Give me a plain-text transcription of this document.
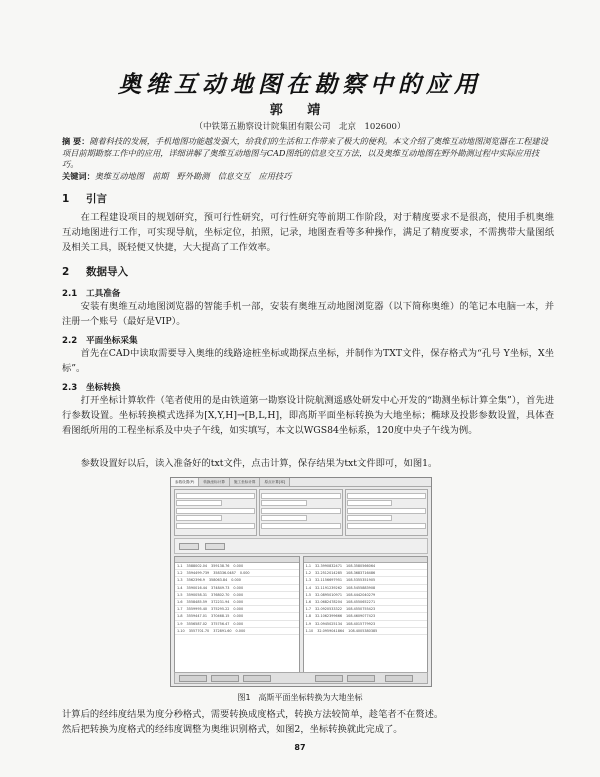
奥维互动地图在勘察中的应用
郭 靖
（中铁第五勘察设计院集团有限公司　北京　102600）
摘 要：随着科技的发展，手机地图功能越发强大，给我们的生活和工作带来了极大的便利。本文介绍了奥维互动地图浏览器在工程建设项目前期勘察工作中的应用，详细讲解了奥维互动地图与CAD图纸的信息交互方法，以及奥维互动地图在野外勘测过程中实际应用技巧。
关键词：奥维互动地图　前期　野外勘测　信息交互　应用技巧
1 引言
在工程建设项目的规划研究，预可行性研究，可行性研究等前期工作阶段，对于精度要求不是很高，使用手机奥维互动地图进行工作，可实现导航，坐标定位，拍照，记录，地图查看等多种操作，满足了精度要求，不需携带大量图纸及相关工具，既轻便又快捷，大大提高了工作效率。
2 数据导入
2.1 工具准备
安装有奥维互动地图浏览器的智能手机一部，安装有奥维互动地图浏览器（以下简称奥维）的笔记本电脑一本，并注册一个账号（最好是VIP）。
2.2 平面坐标采集
首先在CAD中读取需要导入奥维的线路途桩坐标或勘探点坐标，并制作为TXT文件，保存格式为“孔号 Y坐标，X坐标”。
2.3 坐标转换
打开坐标计算软件（笔者使用的是由铁道第一勘察设计院航测遥感处研发中心开发的“勘测坐标计算全集”），首先进行参数设置。坐标转换模式选择为[X,Y,H]→[B,L,H]，即高斯平面坐标转换为大地坐标；椭球及投影参数设置，具体查看图纸所用的工程坐标系及中央子午线，如实填写，本文以WGS84坐标系，120度中央子午线为例。
参数设置好以后，读入准备好的txt文件，点击计算，保存结果为txt文件即可，如图1。
参数设置(P)	转换坐标计算	施工坐标计算	原点计算[率]
1-1 3588002.04 359138.76 0.000
1-2 3594499.739 358336.0487 0.000
1-3 3562396.9 358063.84 0.000
1-4 3590016.44 374849.73 0.000
1-5 3590058.31 376802.70 0.000
1-6 3558485.59 372231.94 0.000
1-7 3559995.40 375295.22 0.000
1-8 3559447.01 370468.15 0.000
1-9 3556587.02 375756.47 0.000
1-10 3557701.70 372891.60 0.000
1-1 32.3990832471 108.3580566064
1-2 32.2512014285 108.3683716486
1-3 32.1156697951 108.5355351905
1-4 32.1191239262 108.5455883908
1-5 32.0895010971 108.4442040279
1-6 32.0682478204 108.4550652271
1-7 32.0920533322 108.4550755423
1-8 32.1062399666 108.4609077423
1-9 32.0945025134 108.4015779923
1-10 32.0959041864 108.4005380385
图1　高斯平面坐标转换为大地坐标
计算后的经纬度结果为度分秒格式，需要转换成度格式，转换方法较简单，趁笔者不在赘述。
然后把转换为度格式的经纬度调整为奥维识别格式，如图2，坐标转换就此完成了。
87
